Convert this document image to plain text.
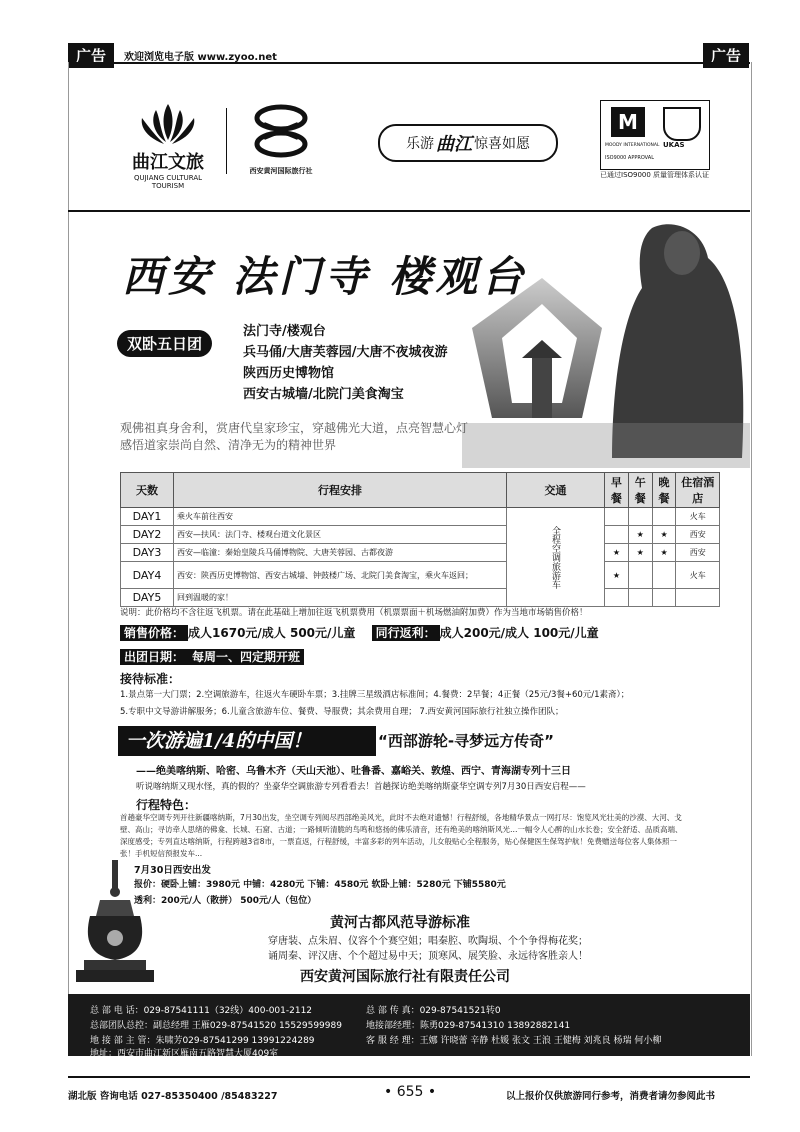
广告	欢迎浏览电子版 www.zyoo.net	广告
曲江文旅
QUJIANG CULTURAL TOURISM
西安黄河国际旅行社
乐游 曲江 惊喜如愿
M
UKAS
MOODY INTERNATIONAL
ISO9000 APPROVAL
已通过ISO9000 质量管理体系认证
西安 法门寺 楼观台
双卧五日团
法门寺/楼观台
兵马俑/大唐芙蓉园/大唐不夜城夜游
陕西历史博物馆
西安古城墙/北院门美食淘宝
观佛祖真身舍利，赏唐代皇家珍宝，穿越佛光大道，点亮智慧心灯
感悟道家崇尚自然、清净无为的精神世界
天数	行程安排	交通	早餐	午餐	晚餐	住宿酒店
DAY1	乘火车前往西安	全程空调旅游车				火车
DAY2	西安—扶风：法门寺、楼观台道文化景区			★	★	西安
DAY3	西安—临潼：秦始皇陵兵马俑博物院、大唐芙蓉园、古都夜游		★	★	★	西安
DAY4	西安：陕西历史博物馆、西安古城墙、钟鼓楼广场、北院门美食淘宝，乘火车返回；		★			火车
DAY5	回到温暖的家！					
说明：此价格均不含往返飞机票。请在此基础上增加往返飞机票费用（机票票面＋机场燃油附加费）作为当地市场销售价格！
销售价格： 成人1670元/成人 500元/儿童 同行返利： 成人200元/成人 100元/儿童
出团日期： 每周一、四定期开班
接待标准：
1.景点第一大门票；2.空调旅游车，往返火车硬卧车票；3.挂牌三星级酒店标准间；4.餐费：2早餐；4正餐（25元/3餐+60元/1素斋）；
5.专职中文导游讲解服务；6.儿童含旅游车位、餐费、导服费；其余费用自理； 7.西安黄河国际旅行社独立操作团队；
一次游遍1/4的中国！	“西部游轮-寻梦远方传奇”
——绝美喀纳斯、哈密、乌鲁木齐（天山天池）、吐鲁番、嘉峪关、敦煌、西宁、青海湖专列十三日
听说喀纳斯又现水怪，真的假的？坐豪华空调旅游专列看看去！首趟探访绝美喀纳斯豪华空调专列7月30日西安启程——
行程特色：
首趟豪华空调专列开往新疆喀纳斯，7月30出发，坐空调专列阅尽西部绝美风光，此时不去绝对遗憾！行程舒缓，各地精华景点一网打尽：饱览风光壮美的沙漠、大河、戈壁、高山；寻访牵人思绪的佛龛、长城、石窟、古道；一路倾听清脆的鸟鸣和悠扬的佛乐清音，还有绝美的喀纳斯风光…一幅令人心醉的山水长卷；安全舒适、品质高端、深度感受；专列直达喀纳斯，行程跨越3省8市，一票直返，行程舒缓，丰富多彩的列车活动，儿女般贴心全程服务，贴心保健医生保驾护航！免费赠送每位客人集体照一张！手机短信预报发车...
7月30日西安出发
报价：硬卧上铺：3980元 中铺：4280元 下铺：4580元 软卧上铺：5280元 下铺5580元
透利：200元/人（散拼） 500元/人（包位）
黄河古都风范导游标准
穿唐装、点朱眉、仪容个个赛空姐；唱秦腔、吹陶埙、个个争得梅花奖；
诵周秦、评汉唐、个个超过易中天；顶寒风、展笑脸、永远待客胜亲人！
西安黄河国际旅行社有限责任公司
总 部 电 话：029-87541111（32线）400-001-2112	总 部 传 真：029-87541521转0
总部团队总控：副总经理 王雁029-87541520 15529599989	地接部经理：陈勇029-87541310 13892882141
地 接 部 主 管：朱啸芳029-87541299 13991224289	客 服 经 理：王娜 许晓蕾 辛静 杜媛 张文 王浪 王健梅 刘兆良 杨瑞 何小柳
地址：西安市曲江新区雁南五路智慧大厦409室
湖北版 咨询电话 027-85350400 /85483227	• 655 •	以上报价仅供旅游同行参考，消费者请勿参阅此书
